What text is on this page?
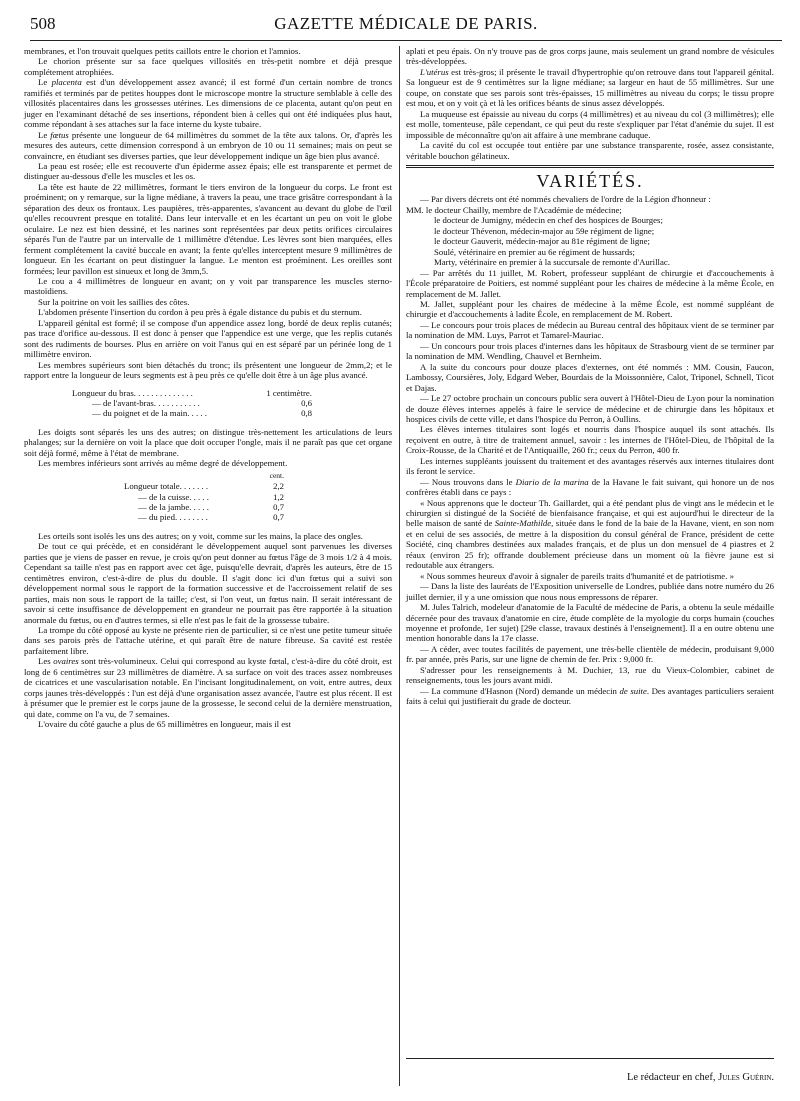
508	GAZETTE MÉDICALE DE PARIS.

membranes, et l'on trouvait quelques petits caillots entre le chorion et l'amnios.

Le chorion présente sur sa face quelques villosités en très-petit nombre et déjà presque complétement atrophiées.

Le placenta est d'un développement assez avancé; il est formé d'un certain nombre de troncs ramifiés et terminés par de petites houppes dont le microscope montre la structure semblable à celle des villosités placentaires dans les grossesses utérines. Les dimensions de ce placenta, autant qu'on peut en juger en l'examinant détaché de ses insertions, répondent bien à celles qui ont été indiquées plus haut, comme répondant à ses attaches sur la face interne du kyste tubaire.

Le fœtus présente une longueur de 64 millimètres du sommet de la tête aux talons. Or, d'après les mesures des auteurs, cette dimension correspond à un embryon de 10 ou 11 semaines; mais on peut se convaincre, en étudiant ses diverses parties, que leur développement indique un âge bien plus avancé.

La peau est rosée; elle est recouverte d'un épiderme assez épais; elle est transparente et permet de distinguer au-dessous d'elle les muscles et les os.

La tête est haute de 22 millimètres, formant le tiers environ de la longueur du corps. Le front est proéminent; on y remarque, sur la ligne médiane, à travers la peau, une trace grisâtre correspondant à la séparation des deux os frontaux. Les paupières, très-apparentes, s'avancent au devant du globe de l'œil qu'elles recouvrent presque en totalité. Dans leur intervalle et en les écartant un peu on voit le globe oculaire. Le nez est bien dessiné, et les narines sont représentées par deux petits orifices circulaires séparés l'un de l'autre par un intervalle de 1 millimètre d'étendue. Les lèvres sont bien marquées, elles ferment complétement la cavité buccale en avant; la fente qu'elles interceptent mesure 9 millimètres de longueur. En les écartant on peut distinguer la langue. Le menton est proéminent. Les oreilles sont formées; leur pavillon est sinueux et long de 3mm,5.

Le cou a 4 millimètres de longueur en avant; on y voit par transparence les muscles sterno-mastoïdiens.

Sur la poitrine on voit les saillies des côtes.

L'abdomen présente l'insertion du cordon à peu près à égale distance du pubis et du sternum.

L'appareil génital est formé; il se compose d'un appendice assez long, bordé de deux replis cutanés; pas trace d'orifice au-dessous. Il est donc à penser que l'appendice est une verge, que les replis cutanés sont des rudiments de bourses. Plus en arrière on voit l'anus qui en est séparé par un périnée long de 1 millimètre environ.

Les membres supérieurs sont bien détachés du tronc; ils présentent une longueur de 2mm,2; et le rapport entre la longueur de leurs segments est à peu près ce qu'elle doit être à un âge plus avancé.

Longueur du bras. . . . . . . . . . . . . .	1 centimètre.
— de l'avant-bras. . . . . . . . . . .	0,6
— du poignet et de la main. . . . .	0,8

Les doigts sont séparés les uns des autres; on distingue très-nettement les articulations de leurs phalanges; sur la dernière on voit la place que doit occuper l'ongle, mais il ne paraît pas que cet organe soit déjà formé, même à l'état de membrane.

Les membres inférieurs sont arrivés au même degré de développement.

cent.
Longueur totale. . . . . . .	2,2
— de la cuisse. . . . .	1,2
— de la jambe. . . . .	0,7
— du pied. . . . . . . .	0,7

Les orteils sont isolés les uns des autres; on y voit, comme sur les mains, la place des ongles.

De tout ce qui précède, et en considérant le développement auquel sont parvenues les diverses parties que je viens de passer en revue, je crois qu'on peut donner au fœtus l'âge de 3 mois 1/2 à 4 mois. Cependant sa taille n'est pas en rapport avec cet âge, puisqu'elle devrait, d'après les auteurs, être de 15 centimètres environ, c'est-à-dire de plus du double. Il s'agit donc ici d'un fœtus qui a suivi son développement normal sous le rapport de la formation successive et de l'accroissement relatif de ses parties, mais non sous le rapport de la taille; c'est, si l'on veut, un fœtus nain. Il serait intéressant de savoir si cette insuffisance de développement en grandeur ne pourrait pas être rapportée à la situation anormale du fœtus, ou en d'autres termes, si elle n'est pas le fait de la grossesse tubaire.

La trompe du côté opposé au kyste ne présente rien de particulier, si ce n'est une petite tumeur située dans ses parois près de l'attache utérine, et qui paraît être de nature fibreuse. Sa cavité est restée parfaitement libre.

Les ovaires sont très-volumineux. Celui qui correspond au kyste fœtal, c'est-à-dire du côté droit, est long de 6 centimètres sur 23 millimètres de diamètre. A sa surface on voit des traces assez nombreuses de cicatrices et une vascularisation notable. En l'incisant longitudinalement, on voit, entre autres, deux corps jaunes très-développés : l'un est déjà d'une organisation assez avancée, l'autre est plus récent. Il est à présumer que le premier est le corps jaune de la grossesse, le second celui de la dernière menstruation, qui date, comme on l'a vu, de 7 semaines.

L'ovaire du côté gauche a plus de 65 millimètres en longueur, mais il est

aplati et peu épais. On n'y trouve pas de gros corps jaune, mais seulement un grand nombre de vésicules très-développées.

L'utérus est très-gros; il présente le travail d'hypertrophie qu'on retrouve dans tout l'appareil génital. Sa longueur est de 9 centimètres sur la ligne médiane; sa largeur en haut de 55 millimètres. Sur une coupe, on constate que ses parois sont très-épaisses, 15 millimètres au niveau du corps; le tissu propre est mou, et on y voit çà et là les orifices béants de sinus assez développés.

La muqueuse est épaissie au niveau du corps (4 millimètres) et au niveau du col (3 millimètres); elle est molle, tomenteuse, pâle cependant, ce qui peut du reste s'expliquer par l'état d'anémie du sujet. Il est impossible de méconnaître qu'on ait affaire à une membrane caduque.

La cavité du col est occupée tout entière par une substance transparente, rosée, assez consistante, véritable bouchon gélatineux.

VARIÉTÉS.

— Par divers décrets ont été nommés chevaliers de l'ordre de la Légion d'honneur :

MM. le docteur Chailly, membre de l'Académie de médecine;

le docteur de Jumigny, médecin en chef des hospices de Bourges;

le docteur Thévenon, médecin-major au 59e régiment de ligne;

le docteur Gauverit, médecin-major au 81e régiment de ligne;

Soulé, vétérinaire en premier au 6e régiment de hussards;

Marty, vétérinaire en premier à la succursale de remonte d'Aurillac.

— Par arrêtés du 11 juillet, M. Robert, professeur suppléant de chirurgie et d'accouchements à l'École préparatoire de Poitiers, est nommé suppléant pour les chaires de médecine à la même École, en remplacement de M. Jallet.

M. Jallet, suppléant pour les chaires de médecine à la même École, est nommé suppléant de chirurgie et d'accouchements à ladite École, en remplacement de M. Robert.

— Le concours pour trois places de médecin au Bureau central des hôpitaux vient de se terminer par la nomination de MM. Luys, Parrot et Tamarel-Mauriac.

— Un concours pour trois places d'internes dans les hôpitaux de Strasbourg vient de se terminer par la nomination de MM. Wendling, Chauvel et Bernheim.

A la suite du concours pour douze places d'externes, ont été nommés : MM. Cousin, Faucon, Lambossy, Coursières, Joly, Edgard Weber, Bourdais de la Moissonnière, Calot, Triponel, Schnell, Ticot et Dajas.

— Le 27 octobre prochain un concours public sera ouvert à l'Hôtel-Dieu de Lyon pour la nomination de douze élèves internes appelés à faire le service de médecine et de chirurgie dans les hôpitaux et hospices civils de cette ville, et dans l'hospice du Perron, à Oullins.

Les élèves internes titulaires sont logés et nourris dans l'hospice auquel ils sont attachés. Ils reçoivent en outre, à titre de traitement annuel, savoir : les internes de l'Hôtel-Dieu, de l'hôpital de la Croix-Rousse, de la Charité et de l'Antiquaille, 260 fr.; ceux du Perron, 400 fr.

Les internes suppléants jouissent du traitement et des avantages réservés aux internes titulaires dont ils feront le service.

— Nous trouvons dans le Diario de la marina de la Havane le fait suivant, qui honore un de nos confrères établi dans ce pays :

« Nous apprenons que le docteur Th. Gaillardet, qui a été pendant plus de vingt ans le médecin et le chirurgien si distingué de la Société de bienfaisance française, et qui est aujourd'hui le directeur de la belle maison de santé de Sainte-Mathilde, située dans le fond de la baie de la Havane, vient, en son nom et en celui de ses associés, de mettre à la disposition du consul général de France, président de cette Société, cinq chambres destinées aux malades français, et de plus un don mensuel de 4 piastres et 2 réaux (environ 25 fr); offrande doublement précieuse dans un moment où la fièvre jaune est si redoutable aux étrangers.

« Nous sommes heureux d'avoir à signaler de pareils traits d'humanité et de patriotisme. »

— Dans la liste des lauréats de l'Exposition universelle de Londres, publiée dans notre numéro du 26 juillet dernier, il y a une omission que nous nous empressons de réparer.

M. Jules Talrich, modeleur d'anatomie de la Faculté de médecine de Paris, a obtenu la seule médaille décernée pour des travaux d'anatomie en cire, étude complète de la myologie du corps humain (couches moyenne et profonde, 1er sujet) [29e classe, travaux destinés à l'enseignement]. Il a en outre obtenu une mention honorable dans la 17e classe.

— A céder, avec toutes facilités de payement, une très-belle clientèle de médecin, produisant 9,000 fr. par année, près Paris, sur une ligne de chemin de fer. Prix : 9,000 fr.

S'adresser pour les renseignements à M. Duchier, 13, rue du Vieux-Colombier, cabinet de renseignements, tous les jours avant midi.

— La commune d'Hasnon (Nord) demande un médecin de suite. Des avantages particuliers seraient faits à celui qui justifierait du grade de docteur.

Le rédacteur en chef, Jules Guérin.
